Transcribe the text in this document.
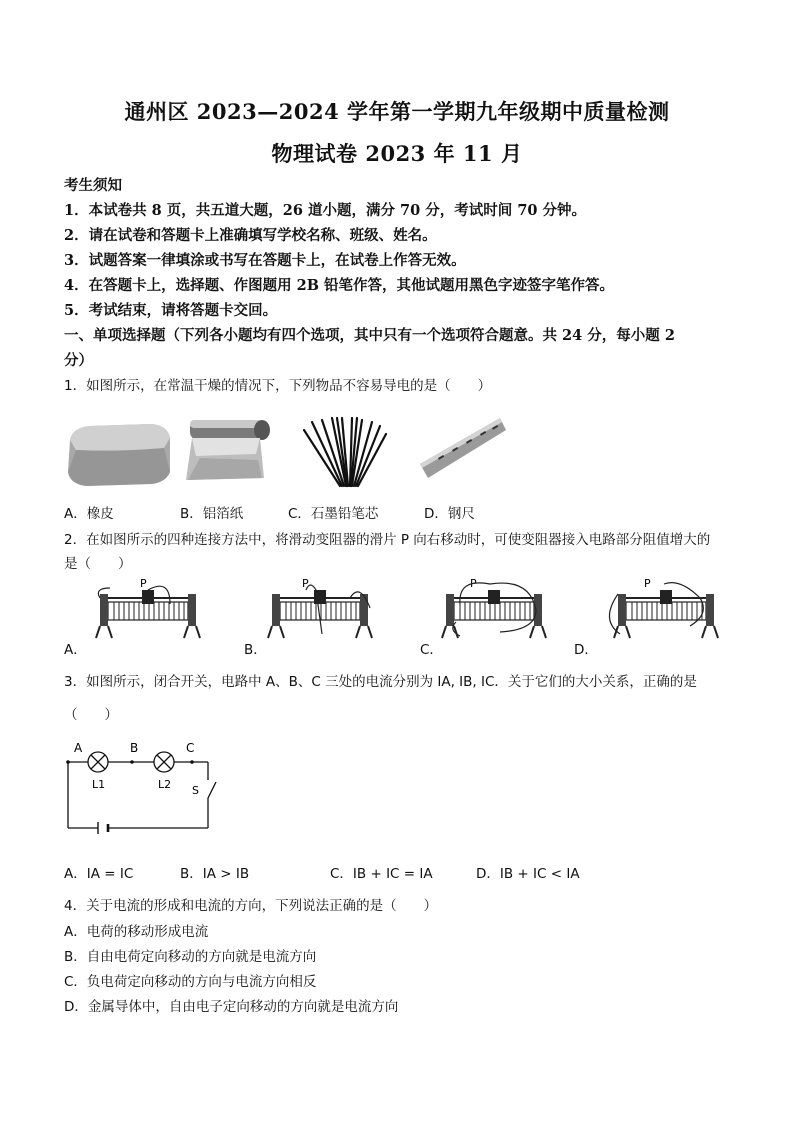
通州区 2023—2024 学年第一学期九年级期中质量检测
物理试卷 2023 年 11 月
考生须知
1．本试卷共 8 页，共五道大题，26 道小题，满分 70 分，考试时间 70 分钟。
2．请在试卷和答题卡上准确填写学校名称、班级、姓名。
3．试题答案一律填涂或书写在答题卡上，在试卷上作答无效。
4．在答题卡上，选择题、作图题用 2B 铅笔作答，其他试题用黑色字迹签字笔作答。
5．考试结束，请将答题卡交回。
一、单项选择题（下列各小题均有四个选项，其中只有一个选项符合题意。共 24 分，每小题 2
分）
1．如图所示，在常温干燥的情况下，下列物品不容易导电的是（　　）
A．橡皮	B．铝箔纸	C．石墨铅笔芯	D．钢尺
2．在如图所示的四种连接方法中，将滑动变阻器的滑片 P 向右移动时，可使变阻器接入电路部分阻值增大的
是（　　）
P	P	P	P
A．	B．	C．	D．
3．如图所示，闭合开关，电路中 A、B、C 三处的电流分别为 IA, IB, IC．关于它们的大小关系，正确的是
（　　）
A	B	C
L1	L2 S
A．IA = IC	B．IA > IB	C．IB + IC = IA	D．IB + IC < IA
4．关于电流的形成和电流的方向，下列说法正确的是（　　）
A．电荷的移动形成电流
B．自由电荷定向移动的方向就是电流方向
C．负电荷定向移动的方向与电流方向相反
D．金属导体中，自由电子定向移动的方向就是电流方向
